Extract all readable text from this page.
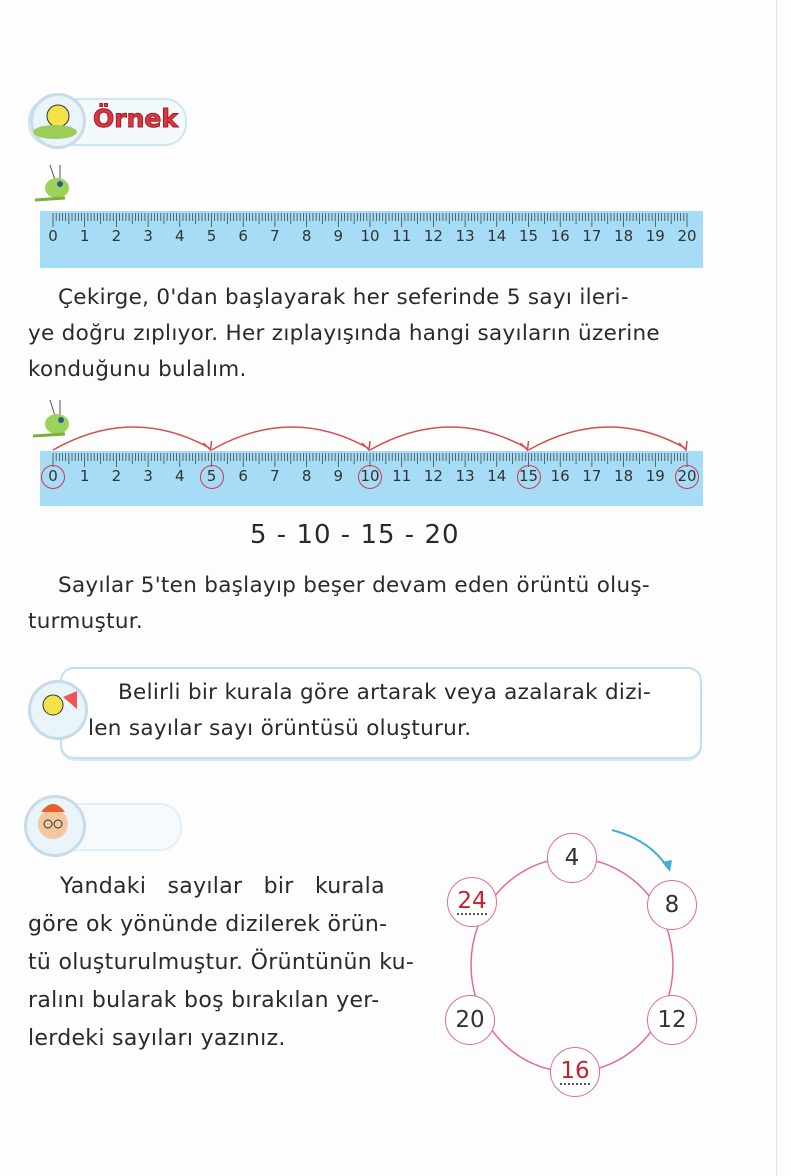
Örnek
0 1 2 3 4 5 6 7 8 9 10 11 12 13 14 15 16 17 18 19 20
Çekirge, 0'dan başlayarak her seferinde 5 sayı ileri-
ye doğru zıplıyor. Her zıplayışında hangi sayıların üzerine
konduğunu bulalım.
0 1 2 3 4 5 6 7 8 9 10 11 12 13 14 15 16 17 18 19 20
5 - 10 - 15 - 20
Sayılar 5'ten başlayıp beşer devam eden örüntü oluş-
turmuştur.
Belirli bir kurala göre artarak veya azalarak dizi-
len sayılar sayı örüntüsü oluşturur.
Yandaki sayılar bir kurala
göre ok yönünde dizilerek örün-
tü oluşturulmuştur. Örüntünün ku-
ralını bularak boş bırakılan yer-
lerdeki sayıları yazınız.
4
8
12
16
20
24
